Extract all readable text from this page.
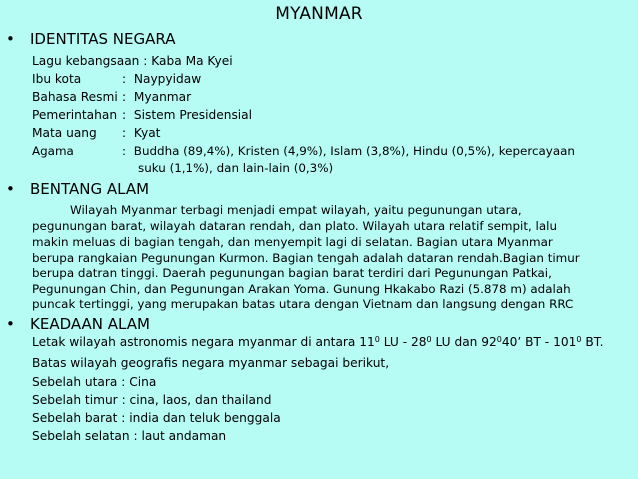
MYANMAR
• IDENTITAS NEGARA
Lagu kebangsaan : Kaba Ma Kyei
Ibu kota	: Naypyidaw
Bahasa Resmi : Myanmar
Pemerintahan : Sistem Presidensial
Mata uang : Kyat
Agama	: Buddha (89,4%), Kristen (4,9%), Islam (3,8%), Hindu (0,5%), kepercayaan
suku (1,1%), dan lain-lain (0,3%)
• BENTANG ALAM
Wilayah Myanmar terbagi menjadi empat wilayah, yaitu pegunungan utara,
pegunungan barat, wilayah dataran rendah, dan plato. Wilayah utara relatif sempit, lalu
makin meluas di bagian tengah, dan menyempit lagi di selatan. Bagian utara Myanmar
berupa rangkaian Pegunungan Kurmon. Bagian tengah adalah dataran rendah.Bagian timur
berupa datran tinggi. Daerah pegunungan bagian barat terdiri dari Pegunungan Patkai,
Pegunungan Chin, dan Pegunungan Arakan Yoma. Gunung Hkakabo Razi (5.878 m) adalah
puncak tertinggi, yang merupakan batas utara dengan Vietnam dan langsung dengan RRC
• KEADAAN ALAM
Letak wilayah astronomis negara myanmar di antara $11^0$ LU - $28^0$ LU dan $92^040$’ BT - $101^0$ BT.
Batas wilayah geografis negara myanmar sebagai berikut,
Sebelah utara : Cina
Sebelah timur : cina, laos, dan thailand
Sebelah barat : india dan teluk benggala
Sebelah selatan : laut andaman
